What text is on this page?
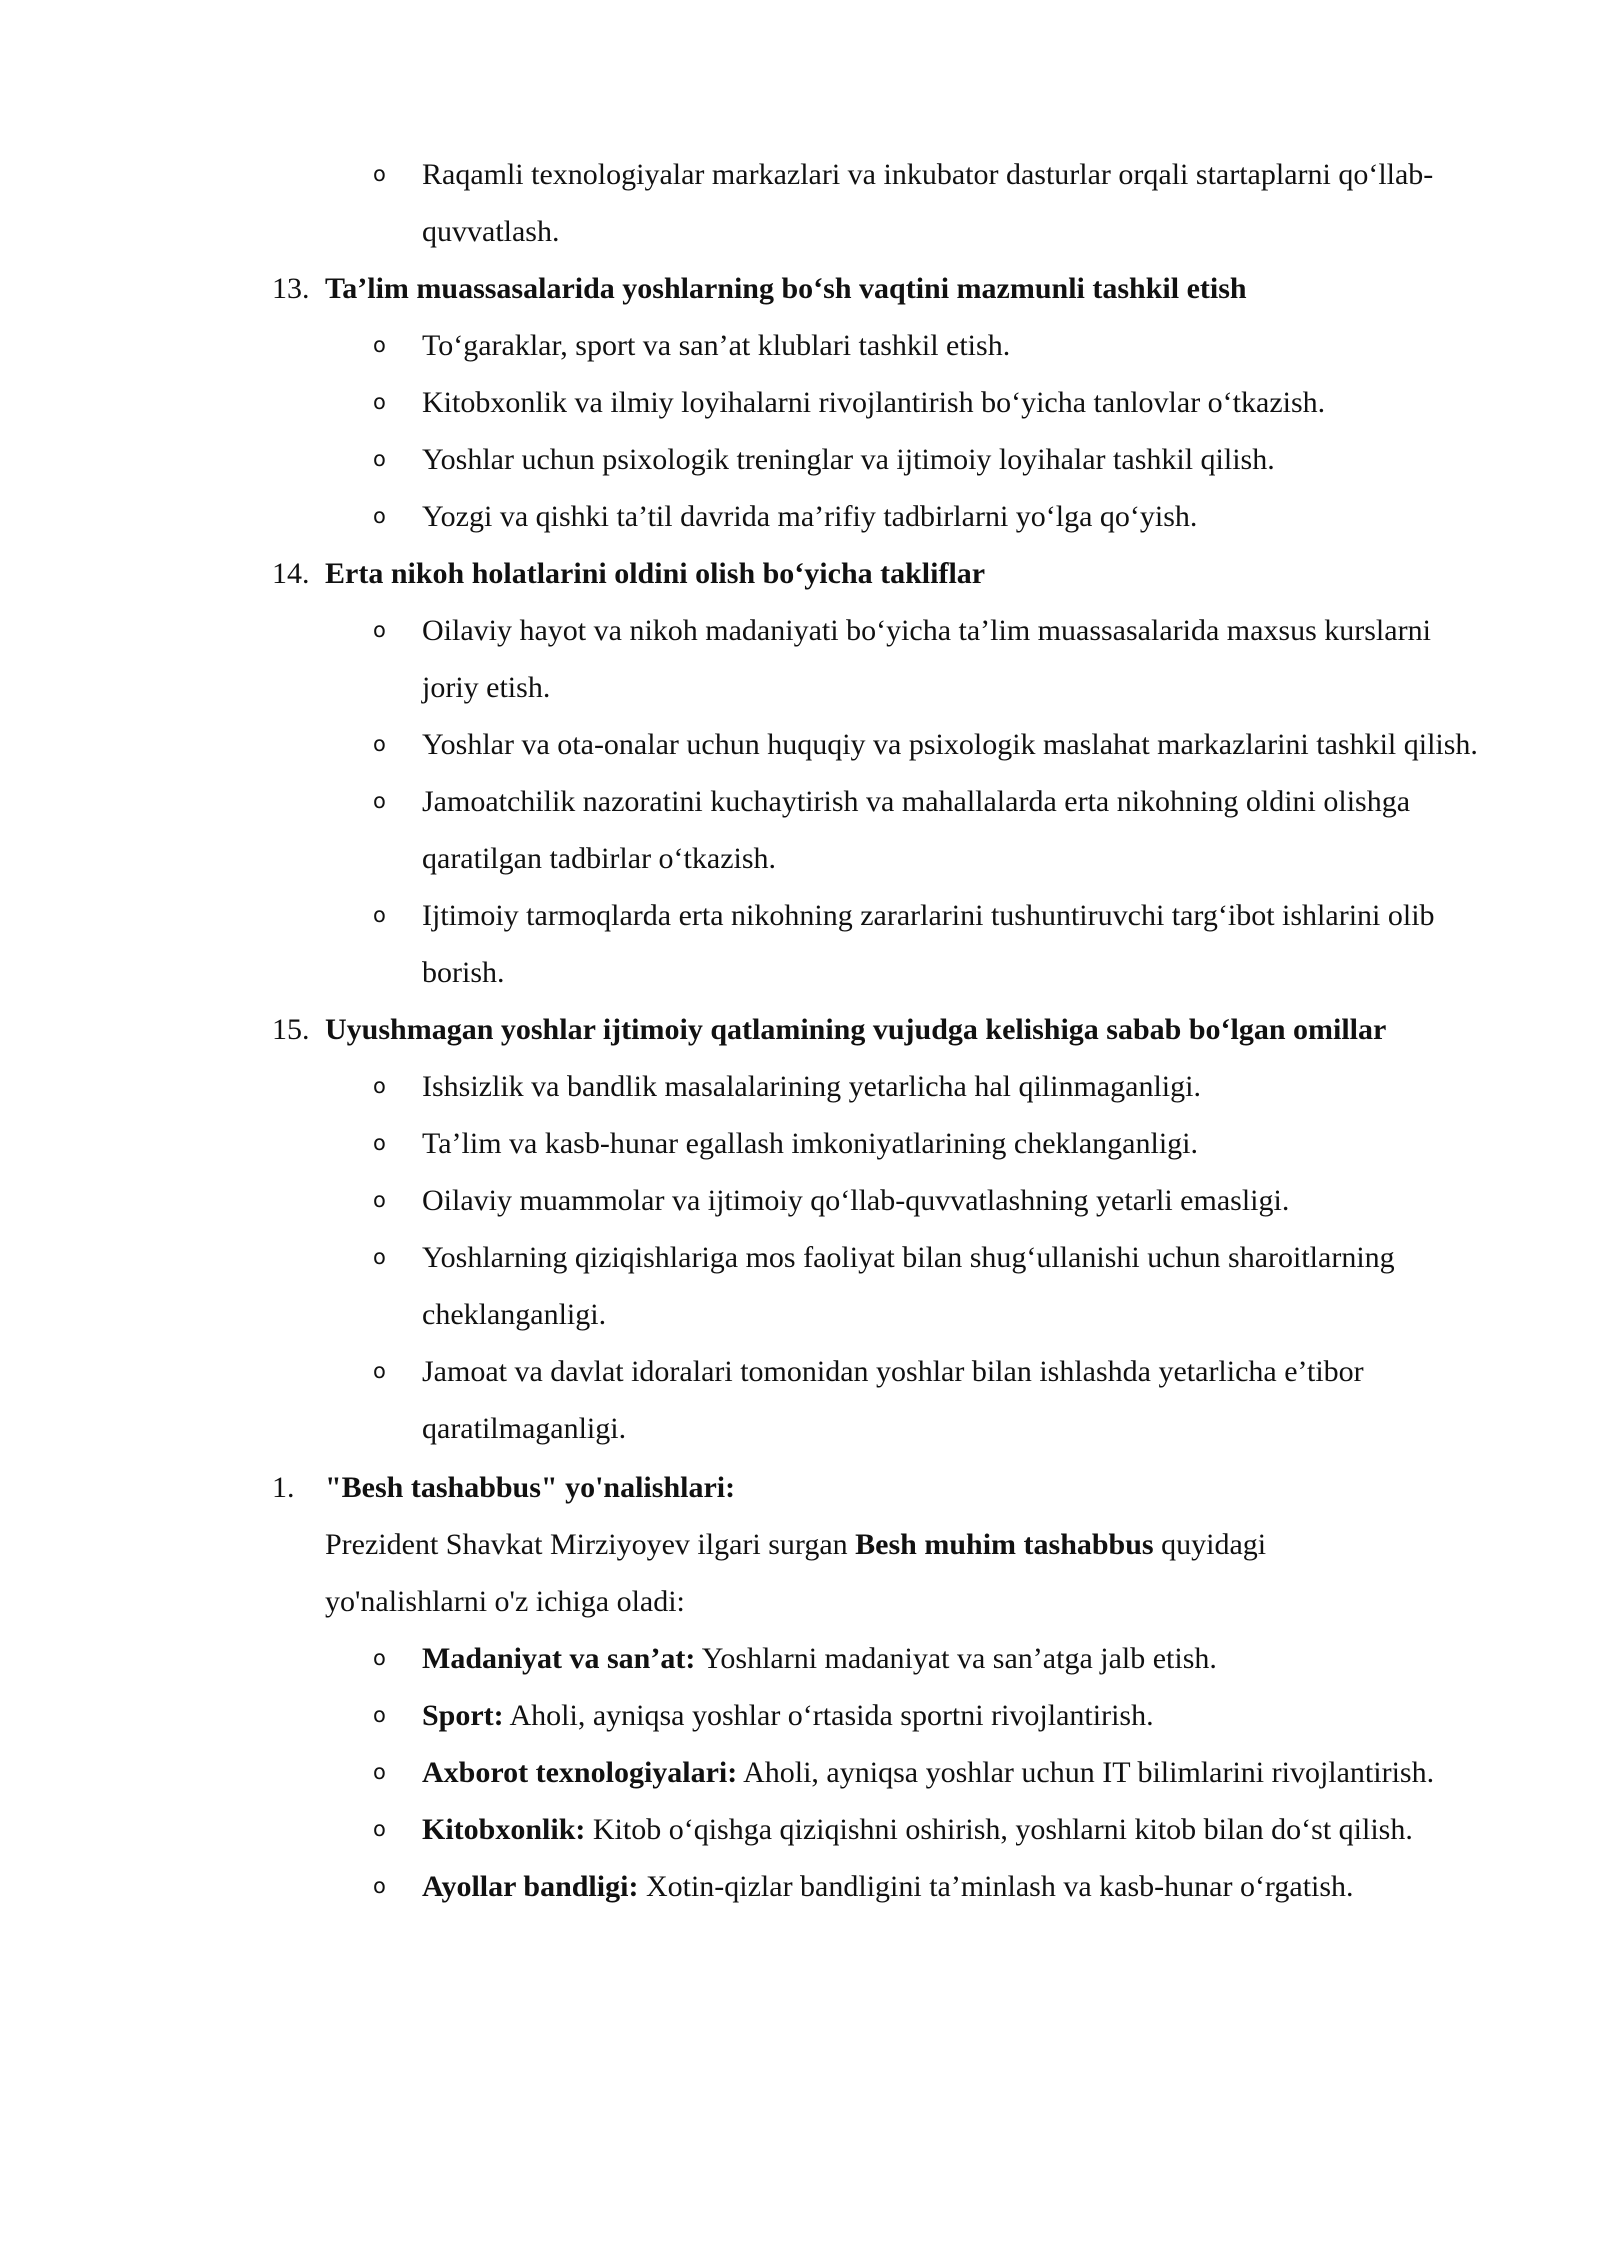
o Raqamli texnologiyalar markazlari va inkubator dasturlar orqali startaplarni qo‘llab-quvvatlash.
13. Ta’lim muassasalarida yoshlarning bo‘sh vaqtini mazmunli tashkil etish
o To‘garaklar, sport va san’at klublari tashkil etish.
o Kitobxonlik va ilmiy loyihalarni rivojlantirish bo‘yicha tanlovlar o‘tkazish.
o Yoshlar uchun psixologik treninglar va ijtimoiy loyihalar tashkil qilish.
o Yozgi va qishki ta’til davrida ma’rifiy tadbirlarni yo‘lga qo‘yish.
14. Erta nikoh holatlarini oldini olish bo‘yicha takliflar
o Oilaviy hayot va nikoh madaniyati bo‘yicha ta’lim muassasalarida maxsus kurslarni joriy etish.
o Yoshlar va ota-onalar uchun huquqiy va psixologik maslahat markazlarini tashkil qilish.
o Jamoatchilik nazoratini kuchaytirish va mahallalarda erta nikohning oldini olishga qaratilgan tadbirlar o‘tkazish.
o Ijtimoiy tarmoqlarda erta nikohning zararlarini tushuntiruvchi targ‘ibot ishlarini olib borish.
15. Uyushmagan yoshlar ijtimoiy qatlamining vujudga kelishiga sabab bo‘lgan omillar
o Ishsizlik va bandlik masalalarining yetarlicha hal qilinmaganligi.
o Ta’lim va kasb-hunar egallash imkoniyatlarining cheklanganligi.
o Oilaviy muammolar va ijtimoiy qo‘llab-quvvatlashning yetarli emasligi.
o Yoshlarning qiziqishlariga mos faoliyat bilan shug‘ullanishi uchun sharoitlarning cheklanganligi.
o Jamoat va davlat idoralari tomonidan yoshlar bilan ishlashda yetarlicha e’tibor qaratilmaganligi.
1.	"Besh tashabbus" yo'nalishlari:
Prezident Shavkat Mirziyoyev ilgari surgan Besh muhim tashabbus quyidagi yo'nalishlarni o'z ichiga oladi:
o Madaniyat va san’at: Yoshlarni madaniyat va san’atga jalb etish.
o Sport: Aholi, ayniqsa yoshlar o‘rtasida sportni rivojlantirish.
o Axborot texnologiyalari: Aholi, ayniqsa yoshlar uchun IT bilimlarini rivojlantirish.
o Kitobxonlik: Kitob o‘qishga qiziqishni oshirish, yoshlarni kitob bilan do‘st qilish.
o Ayollar bandligi: Xotin-qizlar bandligini ta’minlash va kasb-hunar o‘rgatish.
